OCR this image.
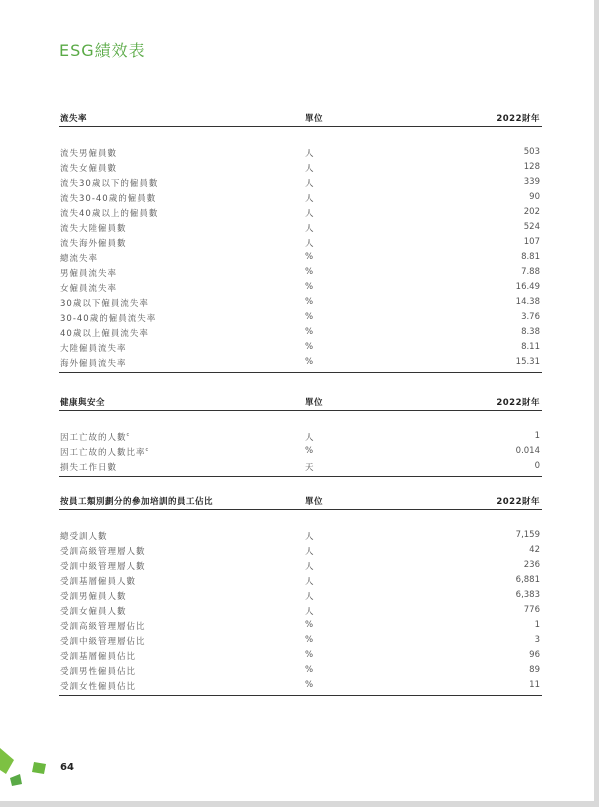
ESG績效表
流失率	單位	2022財年
流失男僱員數	人	503
流失女僱員數	人	128
流失30歲以下的僱員數	人	339
流失30-40歲的僱員數	人	90
流失40歲以上的僱員數	人	202
流失大陸僱員數	人	524
流失海外僱員數	人	107
總流失率	%	8.81
男僱員流失率	%	7.88
女僱員流失率	%	16.49
30歲以下僱員流失率	%	14.38
30-40歲的僱員流失率	%	3.76
40歲以上僱員流失率	%	8.38
大陸僱員流失率	%	8.11
海外僱員流失率	%	15.31
健康與安全	單位	2022財年
因工亡故的人數$^c$	人	1
因工亡故的人數比率$^c$	%	0.014
損失工作日數	天	0
按員工類別劃分的參加培訓的員工佔比	單位	2022財年
總受訓人數	人	7,159
受訓高級管理層人數	人	42
受訓中級管理層人數	人	236
受訓基層僱員人數	人	6,881
受訓男僱員人數	人	6,383
受訓女僱員人數	人	776
受訓高級管理層佔比	%	1
受訓中級管理層佔比	%	3
受訓基層僱員佔比	%	96
受訓男性僱員佔比	%	89
受訓女性僱員佔比	%	11
64
